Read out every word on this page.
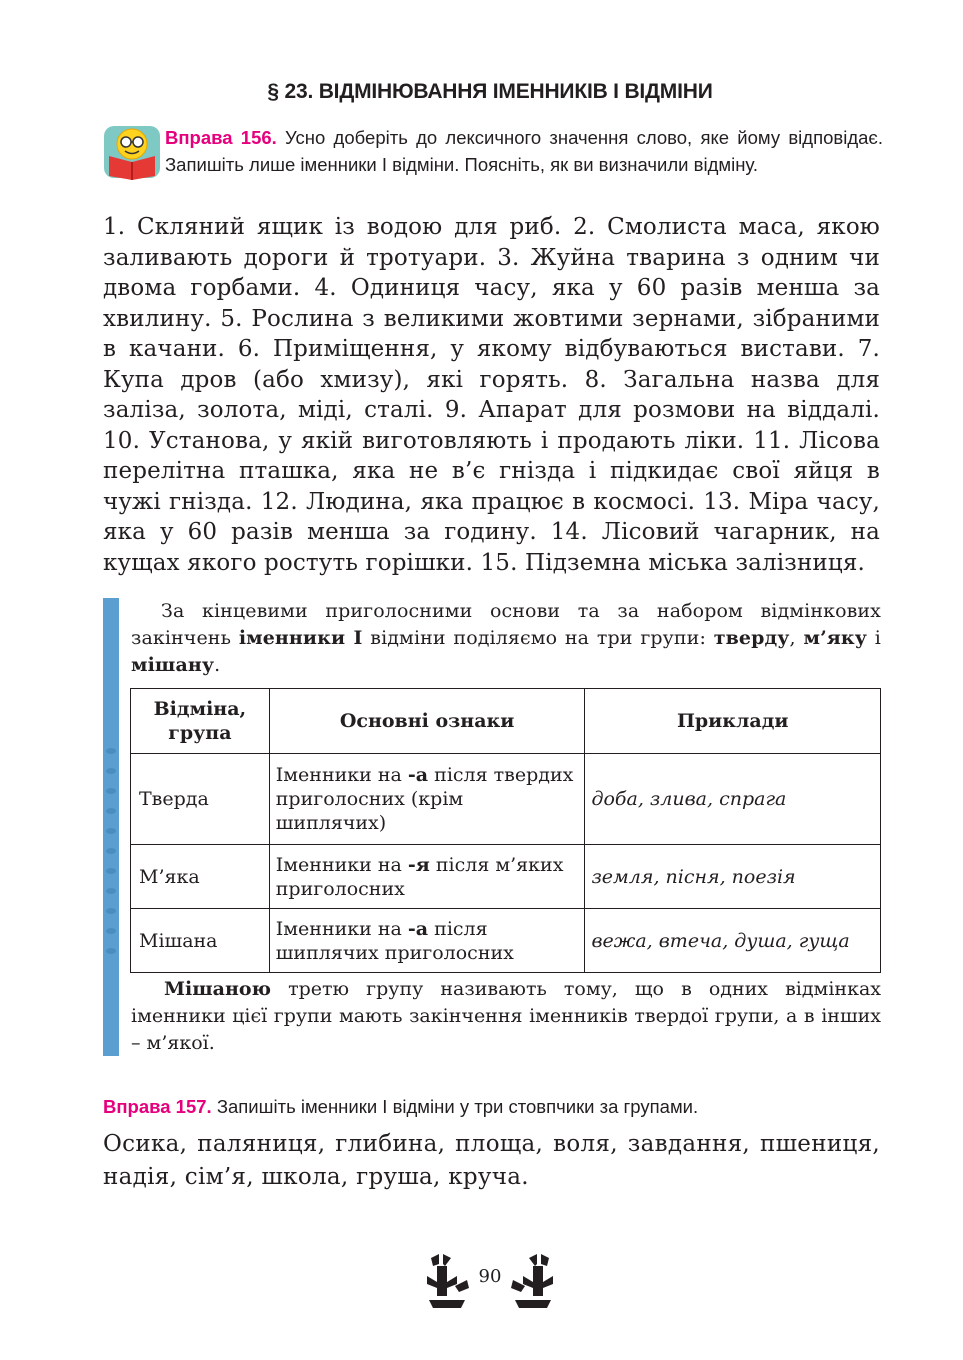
§ 23. ВІДМІНЮВАННЯ ІМЕННИКІВ І ВІДМІНИ
Вправа 156. Усно доберіть до лексичного значення слово, яке йому відповідає. Запишіть лише іменники І відміни. Поясніть, як ви визначили відміну.
1. Скляний ящик із водою для риб. 2. Смолиста маса, якою заливають дороги й тротуари. 3. Жуйна тварина з одним чи двома горбами. 4. Одиниця часу, яка у 60 разів менша за хвилину. 5. Рослина з великими жовтими зернами, зібраними в качани. 6. Приміщення, у якому відбуваються вистави. 7. Купа дров (або хмизу), які горять. 8. Загальна назва для заліза, золота, міді, сталі. 9. Апарат для розмови на віддалі. 10. Установа, у якій виготовляють і продають ліки. 11. Лісова перелітна пташка, яка не в’є гнізда і підкидає свої яйця в чужі гнізда. 12. Людина, яка працює в космосі. 13. Міра часу, яка у 60 разів менша за годину. 14. Лісовий чагарник, на кущах якого ростуть горішки. 15. Підземна міська залізниця.
За кінцевими приголосними основи та за набором відмінкових закінчень іменники І відміни поділяємо на три групи: тверду, м’яку і мішану.
Відміна, група	Основні ознаки	Приклади
Тверда	Іменники на -а після твердих приголосних (крім шиплячих)	доба, злива, спрага
М’яка	Іменники на -я після м’яких приголосних	земля, пісня, поезія
Мішана	Іменники на -а після шиплячих приголосних	вежа, втеча, душа, гуща
Мішаною третю групу називають тому, що в одних відмінках іменники цієї групи мають закінчення іменників твердої групи, а в інших – м’якої.
Вправа 157. Запишіть іменники І відміни у три стовпчики за групами.
Осика, паляниця, глибина, площа, воля, завдання, пшениця, надія, сім’я, школа, груша, круча.
90
